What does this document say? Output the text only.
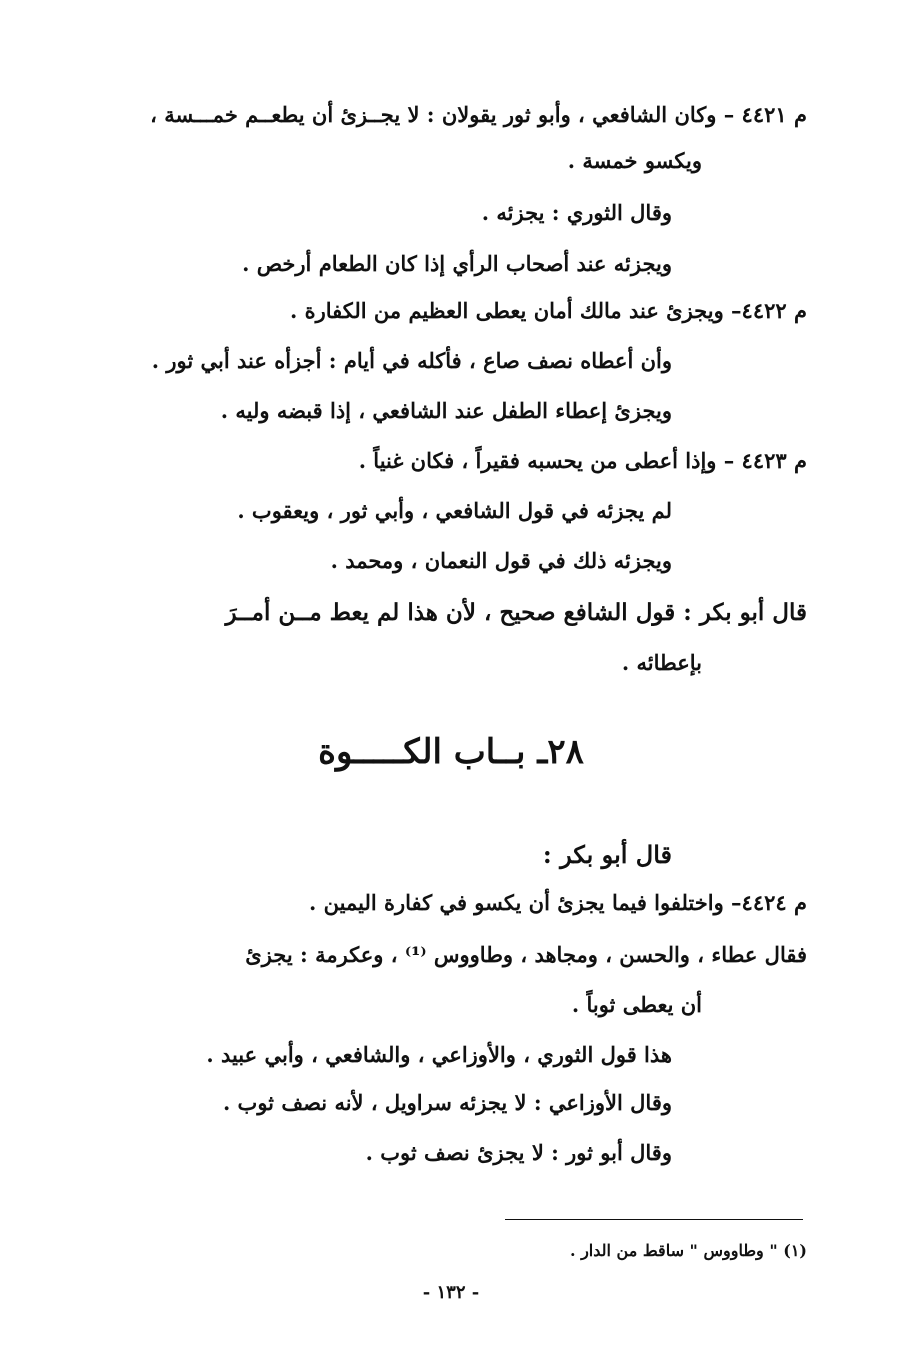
م ٤٤٢١ – وكان الشافعي ، وأبو ثور يقولان : لا يجــزئ أن يطعــم خمـــسة ،
ويكسو خمسة .
وقال الثوري : يجزئه .
ويجزئه عند أصحاب الرأي إذا كان الطعام أرخص .
م ٤٤٢٢– ويجزئ عند مالك أمان يعطى العظيم من الكفارة .
وأن أعطاه نصف صاع ، فأكله في أيام : أجزأه عند أبي ثور .
ويجزئ إعطاء الطفل عند الشافعي ، إذا قبضه وليه .
م ٤٤٢٣ – وإذا أعطى من يحسبه فقيراً ، فكان غنياً .
لم يجزئه في قول الشافعي ، وأبي ثور ، ويعقوب .
ويجزئه ذلك في قول النعمان ، ومحمد .
قال أبو بكر : قول الشافع صحيح ، لأن هذا لم يعط مــن أمــرَ
بإعطائه .
٢٨ـ بــاب الكـــــوة
قال أبو بكر :
م ٤٤٢٤– واختلفوا فيما يجزئ أن يكسو في كفارة اليمين .
فقال عطاء ، والحسن ، ومجاهد ، وطاووس ⁽¹⁾ ، وعكرمة : يجزئ
أن يعطى ثوباً .
هذا قول الثوري ، والأوزاعي ، والشافعي ، وأبي عبيد .
وقال الأوزاعي : لا يجزئه سراويل ، لأنه نصف ثوب .
وقال أبو ثور : لا يجزئ نصف ثوب .
(١) " وطاووس " ساقط من الدار .
- ١٣٢ -
